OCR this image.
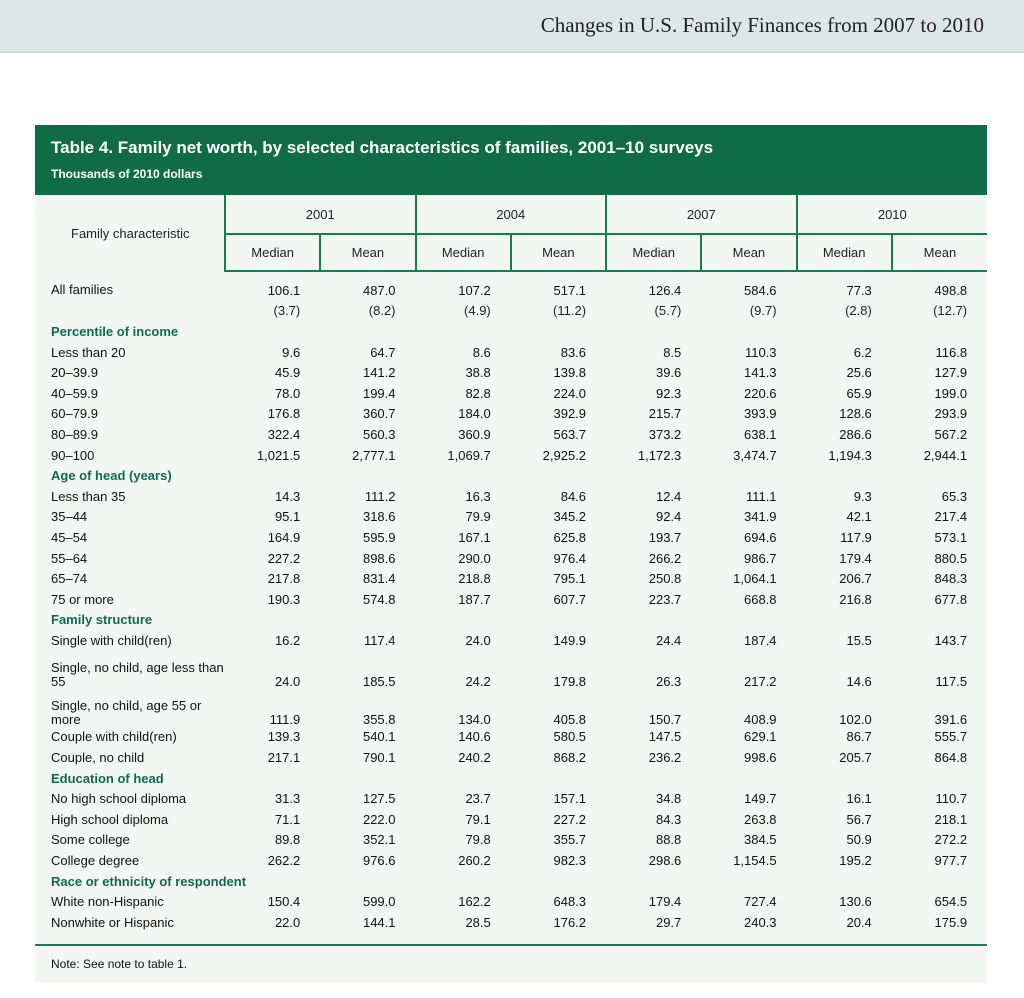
Changes in U.S. Family Finances from 2007 to 2010
Table 4. Family net worth, by selected characteristics of families, 2001–10 surveys
Thousands of 2010 dollars
Family characteristic	2001		2004		2007		2010	
	Median	Mean	Median	Mean	Median	Mean	Median	Mean
All families	106.1	487.0	107.2	517.1	126.4	584.6	77.3	498.8
	(3.7)	(8.2)	(4.9)	(11.2)	(5.7)	(9.7)	(2.8)	(12.7)
Percentile of income								
Less than 20	9.6	64.7	8.6	83.6	8.5	110.3	6.2	116.8
20–39.9	45.9	141.2	38.8	139.8	39.6	141.3	25.6	127.9
40–59.9	78.0	199.4	82.8	224.0	92.3	220.6	65.9	199.0
60–79.9	176.8	360.7	184.0	392.9	215.7	393.9	128.6	293.9
80–89.9	322.4	560.3	360.9	563.7	373.2	638.1	286.6	567.2
90–100	1,021.5	2,777.1	1,069.7	2,925.2	1,172.3	3,474.7	1,194.3	2,944.1
Age of head (years)								
Less than 35	14.3	111.2	16.3	84.6	12.4	111.1	9.3	65.3
35–44	95.1	318.6	79.9	345.2	92.4	341.9	42.1	217.4
45–54	164.9	595.9	167.1	625.8	193.7	694.6	117.9	573.1
55–64	227.2	898.6	290.0	976.4	266.2	986.7	179.4	880.5
65–74	217.8	831.4	218.8	795.1	250.8	1,064.1	206.7	848.3
75 or more	190.3	574.8	187.7	607.7	223.7	668.8	216.8	677.8
Family structure								
Single with child(ren)	16.2	117.4	24.0	149.9	24.4	187.4	15.5	143.7
Single, no child, age less than 55	24.0	185.5	24.2	179.8	26.3	217.2	14.6	117.5
Single, no child, age 55 or more	111.9	355.8	134.0	405.8	150.7	408.9	102.0	391.6
Couple with child(ren)	139.3	540.1	140.6	580.5	147.5	629.1	86.7	555.7
Couple, no child	217.1	790.1	240.2	868.2	236.2	998.6	205.7	864.8
Education of head								
No high school diploma	31.3	127.5	23.7	157.1	34.8	149.7	16.1	110.7
High school diploma	71.1	222.0	79.1	227.2	84.3	263.8	56.7	218.1
Some college	89.8	352.1	79.8	355.7	88.8	384.5	50.9	272.2
College degree	262.2	976.6	260.2	982.3	298.6	1,154.5	195.2	977.7
Race or ethnicity of respondent								
White non-Hispanic	150.4	599.0	162.2	648.3	179.4	727.4	130.6	654.5
Nonwhite or Hispanic	22.0	144.1	28.5	176.2	29.7	240.3	20.4	175.9
Note: See note to table 1.
